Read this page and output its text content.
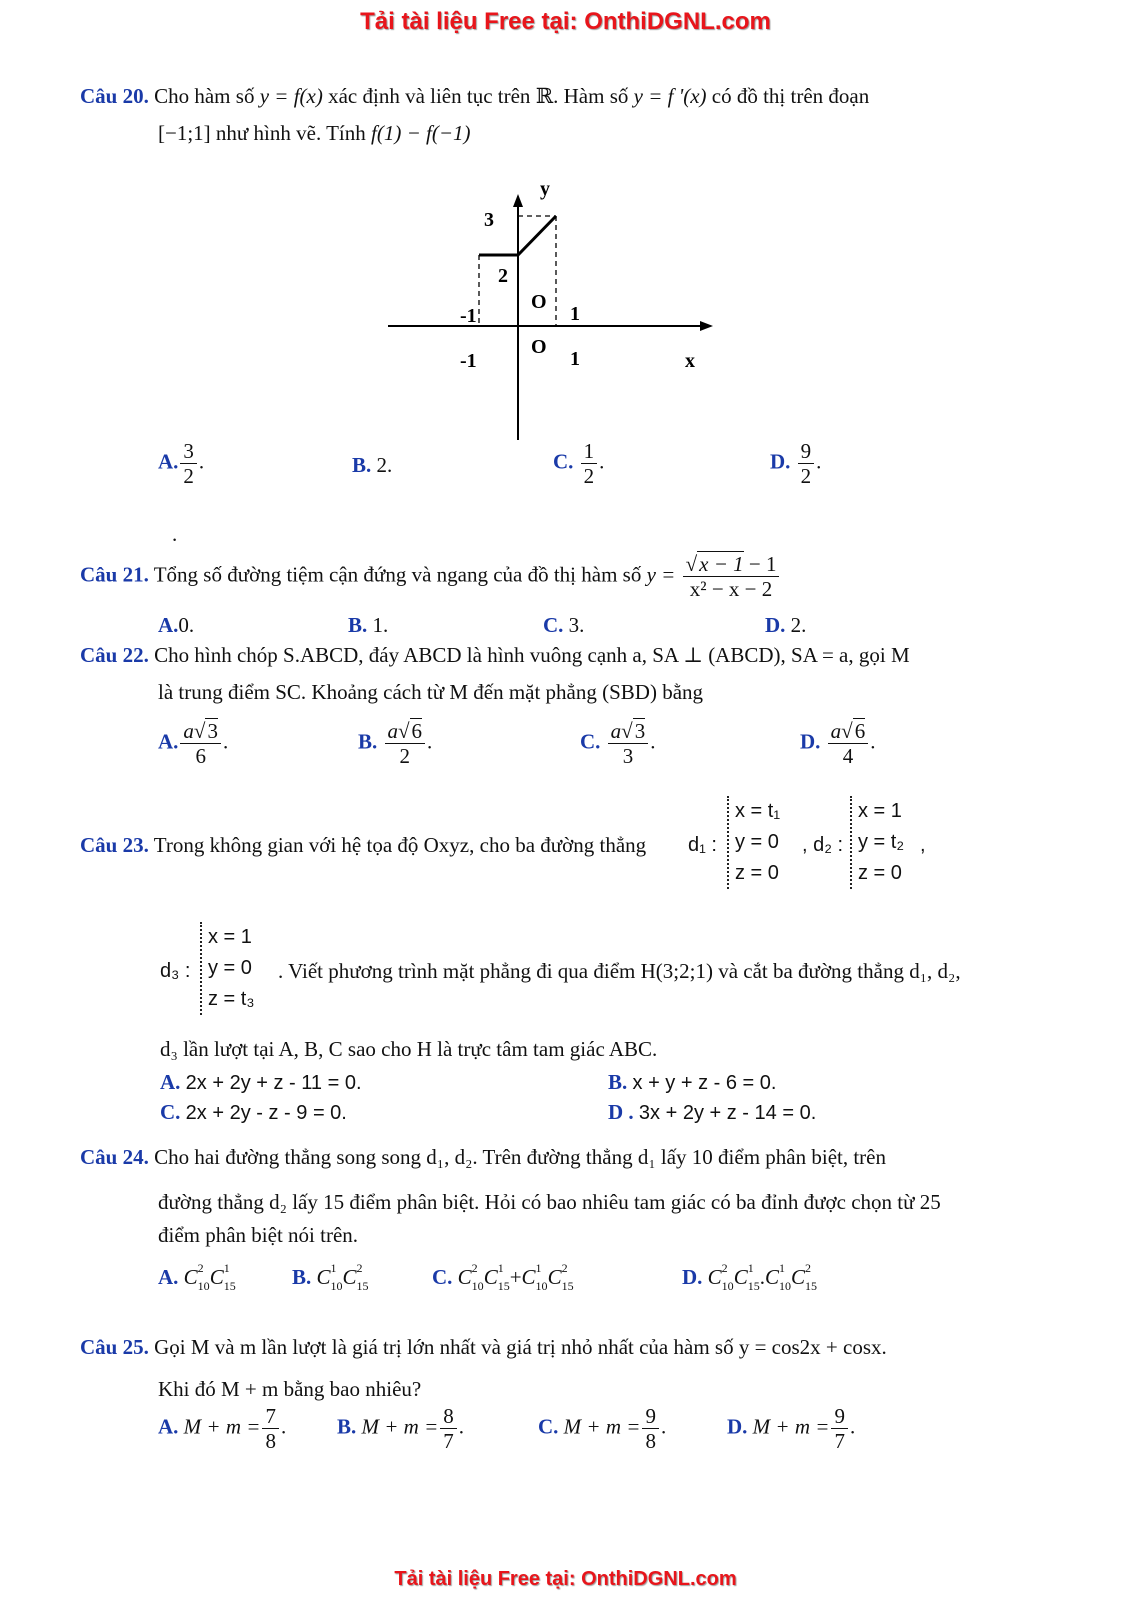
Tải tài liệu Free tại: OnthiDGNL.com
Câu 20. Cho hàm số y = f(x) xác định và liên tục trên ℝ. Hàm số y = f '(x) có đồ thị trên đoạn
[−1;1] như hình vẽ. Tính f(1) − f(−1)
y
x
3
2
O
O
-1
-1
1
1
A. $\frac{3}{2}$ .	B. 2.	C. $\frac{1}{2}$ .	D. $\frac{9}{2}$ .
.
Câu 21. Tổng số đường tiệm cận đứng và ngang của đồ thị hàm số $y = \frac{√x - 1 - 1}{\text{x² − x − 2}}$
A.0.	B. 1.	C. 3.	D. 2.
Câu 22. Cho hình chóp S.ABCD, đáy ABCD là hình vuông cạnh a, SA ⊥ (ABCD), SA = a, gọi M
là trung điểm SC. Khoảng cách từ M đến mặt phẳng (SBD) bằng
A. $\frac{a√3}{6}$ .	B. $\frac{a√6}{2}$ .	C. $\frac{a√3}{3}$ .	D. $\frac{a√6}{4}$ .
Câu 23. Trong không gian với hệ tọa độ Oxyz, cho ba đường thẳng d₁ :
x = t₁
y = 0
z = 0
, d₂ :
x = 1
y = t₂
z = 0
,
d₃ :
x = 1
y = 0
z = t₃
. Viết phương trình mặt phẳng đi qua điểm H(3;2;1) và cắt ba đường thẳng d₁, d₂,
d₃ lần lượt tại A, B, C sao cho H là trực tâm tam giác ABC.
A. 2x + 2y + z - 11 = 0.	B. x + y + z - 6 = 0.
C. 2x + 2y - z - 9 = 0.	D . 3x + 2y + z - 14 = 0.
Câu 24. Cho hai đường thẳng song song d₁, d₂. Trên đường thẳng d₁ lấy 10 điểm phân biệt, trên
đường thẳng d₂ lấy 15 điểm phân biệt. Hỏi có bao nhiêu tam giác có ba đỉnh được chọn từ 25
điểm phân biệt nói trên.
A. C 2
10 C 1
15	B. C 1
10 C 2
15	C. C 2
10 C 1
15 +C 1
10 C 2
15	D. C 2
10 C 1
15 .C 1
10 C 2
15
Câu 25. Gọi M và m lần lượt là giá trị lớn nhất và giá trị nhỏ nhất của hàm số y = cos2x + cosx.
Khi đó M + m bằng bao nhiêu?
A. $M + m = \frac{7}{8}$ . B. $M + m = \frac{8}{7}$ .	C. $M + m = \frac{9}{8}$ .	D. $M + m = \frac{9}{7}$ .
Tải tài liệu Free tại: OnthiDGNL.com
